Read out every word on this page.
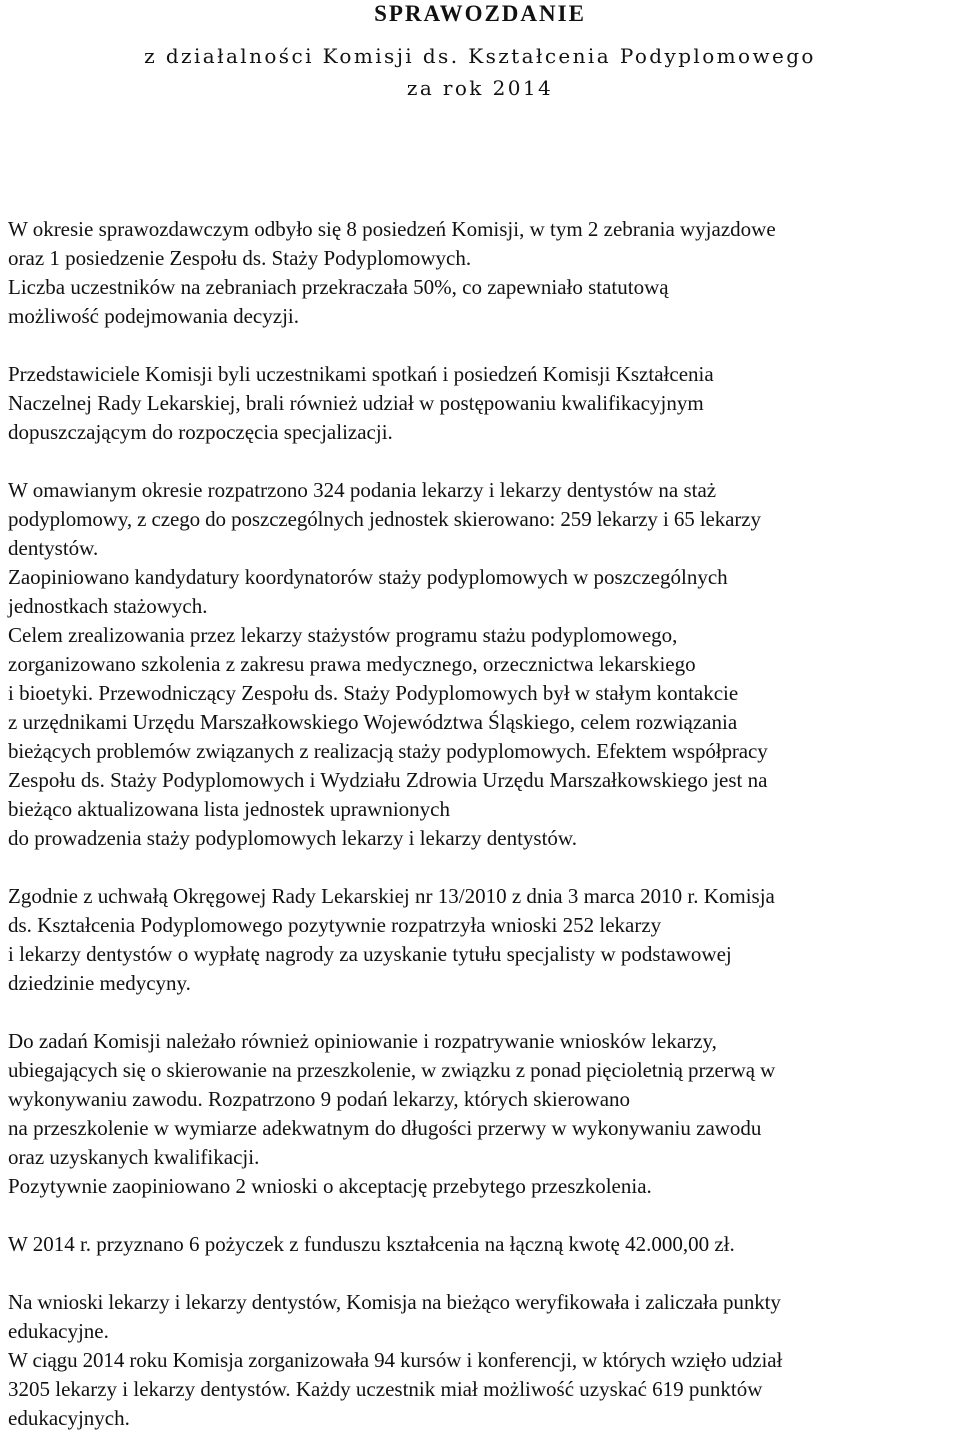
SPRAWOZDANIE
z działalności Komisji ds. Kształcenia Podyplomowego
za rok 2014
W okresie sprawozdawczym odbyło się 8 posiedzeń Komisji, w tym 2 zebrania wyjazdowe
oraz 1 posiedzenie Zespołu ds. Staży Podyplomowych.
Liczba uczestników na zebraniach przekraczała 50%, co zapewniało statutową
możliwość podejmowania decyzji.
Przedstawiciele Komisji byli uczestnikami spotkań i posiedzeń Komisji Kształcenia
Naczelnej Rady Lekarskiej, brali również udział w postępowaniu kwalifikacyjnym
dopuszczającym do rozpoczęcia specjalizacji.
W omawianym okresie rozpatrzono 324 podania lekarzy i lekarzy dentystów na staż
podyplomowy, z czego do poszczególnych jednostek skierowano: 259 lekarzy i 65 lekarzy
dentystów.
Zaopiniowano kandydatury koordynatorów staży podyplomowych w poszczególnych
jednostkach stażowych.
Celem zrealizowania przez lekarzy stażystów programu stażu podyplomowego,
zorganizowano szkolenia z zakresu prawa medycznego, orzecznictwa lekarskiego
i bioetyki. Przewodniczący Zespołu ds. Staży Podyplomowych był w stałym kontakcie
z urzędnikami Urzędu Marszałkowskiego Województwa Śląskiego, celem rozwiązania
bieżących problemów związanych z realizacją staży podyplomowych. Efektem współpracy
Zespołu ds. Staży Podyplomowych i Wydziału Zdrowia Urzędu Marszałkowskiego jest na
bieżąco aktualizowana lista jednostek uprawnionych
do prowadzenia staży podyplomowych lekarzy i lekarzy dentystów.
Zgodnie z uchwałą Okręgowej Rady Lekarskiej nr 13/2010 z dnia 3 marca 2010 r. Komisja
ds. Kształcenia Podyplomowego pozytywnie rozpatrzyła wnioski 252 lekarzy
i lekarzy dentystów o wypłatę nagrody za uzyskanie tytułu specjalisty w podstawowej
dziedzinie medycyny.
Do zadań Komisji należało również opiniowanie i rozpatrywanie wniosków lekarzy,
ubiegających się o skierowanie na przeszkolenie, w związku z ponad pięcioletnią przerwą w
wykonywaniu zawodu. Rozpatrzono 9 podań lekarzy, których skierowano
na przeszkolenie w wymiarze adekwatnym do długości przerwy w wykonywaniu zawodu
oraz uzyskanych kwalifikacji.
Pozytywnie zaopiniowano 2 wnioski o akceptację przebytego przeszkolenia.
W 2014 r. przyznano 6 pożyczek z funduszu kształcenia na łączną kwotę 42.000,00 zł.
Na wnioski lekarzy i lekarzy dentystów, Komisja na bieżąco weryfikowała i zaliczała punkty
edukacyjne.
W ciągu 2014 roku Komisja zorganizowała 94 kursów i konferencji, w których wzięło udział
3205 lekarzy i lekarzy dentystów. Każdy uczestnik miał możliwość uzyskać 619 punktów
edukacyjnych.
